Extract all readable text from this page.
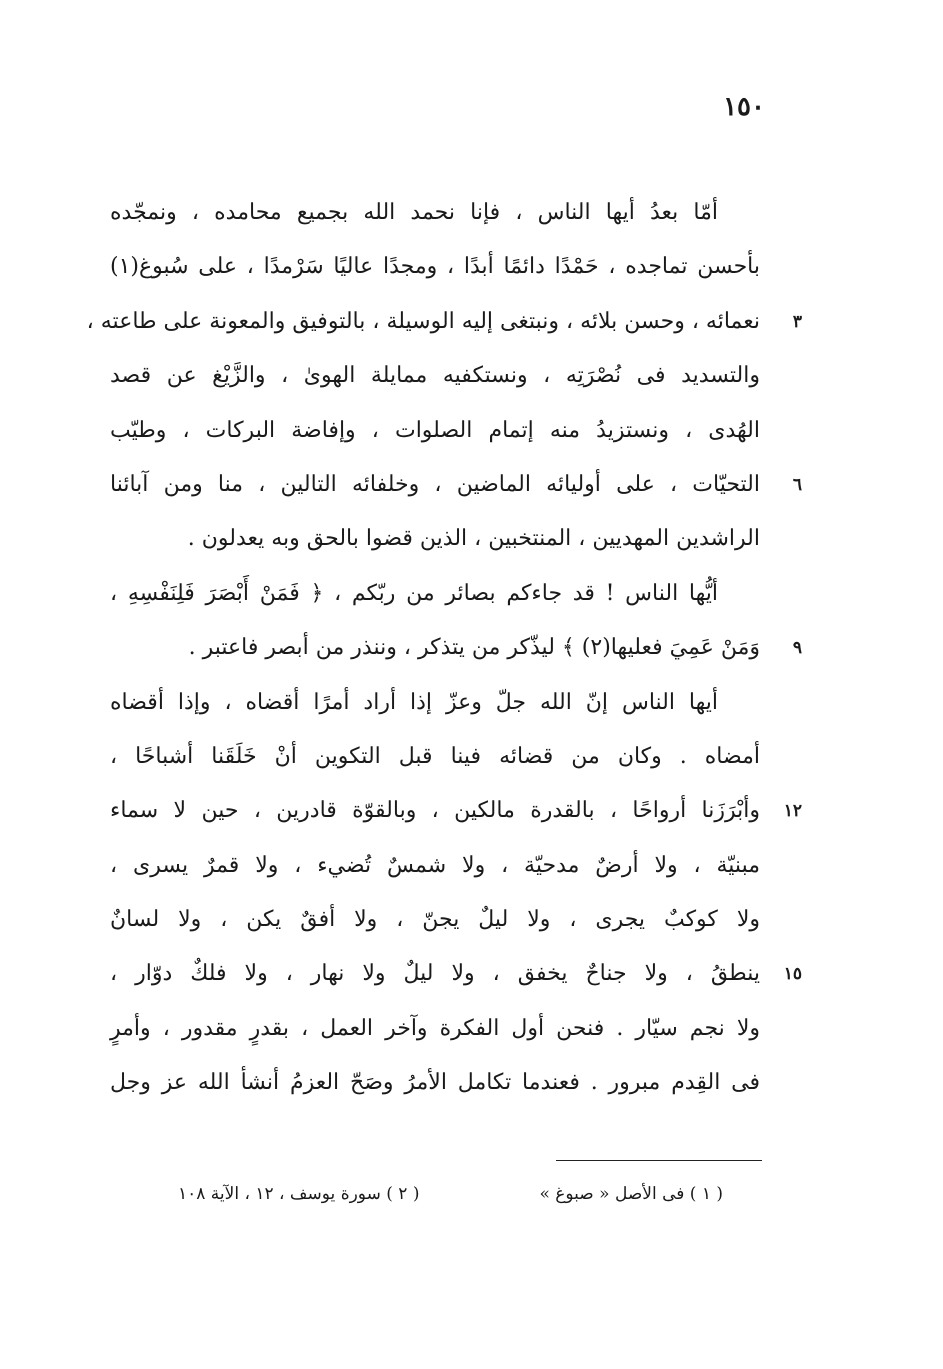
١٥٠
أمّا بعدُ أيها الناس ، فإنا نحمد الله بجميع محامده ، ونمجّده
بأحسن تماجده ، حَمْدًا دائمًا أبدًا ، ومجدًا عاليًا سَرْمدًا ، على سُبوغ(١)
نعمائه ، وحسن بلائه ، ونبتغى إليه الوسيلة ، بالتوفيق والمعونة على طاعته ،	٣
والتسديد فى نُصْرَتِه ، ونستكفيه ممايلة الهوىٰ ، والزَّيْغ عن قصد
الهُدى ، ونستزيدُ منه إتمام الصلوات ، وإفاضة البركات ، وطيّب
التحيّات ، على أوليائه الماضين ، وخلفائه التالين ، منا ومن آبائنا	٦
الراشدين المهديين ، المنتخبين ، الذين قضوا بالحق وبه يعدلون .
أيُّها الناس ! قد جاءكم بصائر من ربّكم ، ﴿ فَمَنْ أَبْصَرَ فَلِنَفْسِهِ ،
وَمَنْ عَمِيَ فعليها(٢) ﴾ ليذّكر من يتذكر ، وننذر من أبصر فاعتبر .	٩
أيها الناس إنّ الله جلّ وعزّ إذا أراد أمرًا أقضاه ، وإذا أقضاه
أمضاه . وكان من قضائه فينا قبل التكوين أنْ خَلَقَنا أشباحًا ،
وأبْرَزَنا أرواحًا ، بالقدرة مالكين ، وبالقوّة قادرين ، حين لا سماء	١٢
مبنيّة ، ولا أرضٌ مدحيّة ، ولا شمسٌ تُضيء ، ولا قمرٌ يسرى ،
ولا كوكبٌ يجرى ، ولا ليلٌ يجنّ ، ولا أفقٌ يكن ، ولا لسانٌ
ينطقُ ، ولا جناحٌ يخفق ، ولا ليلٌ ولا نهار ، ولا فلكٌ دوّار ،	١٥
ولا نجم سيّار . فنحن أول الفكرة وآخر العمل ، بقدرٍ مقدور ، وأمرٍ
فى القِدم مبرور . فعندما تكامل الأمرُ وصَحّ العزمُ أنشأ الله عز وجل
( ١ ) فى الأصل « صبوغ »
( ٢ ) سورة يوسف ، ١٢ ، الآية ١٠٨
